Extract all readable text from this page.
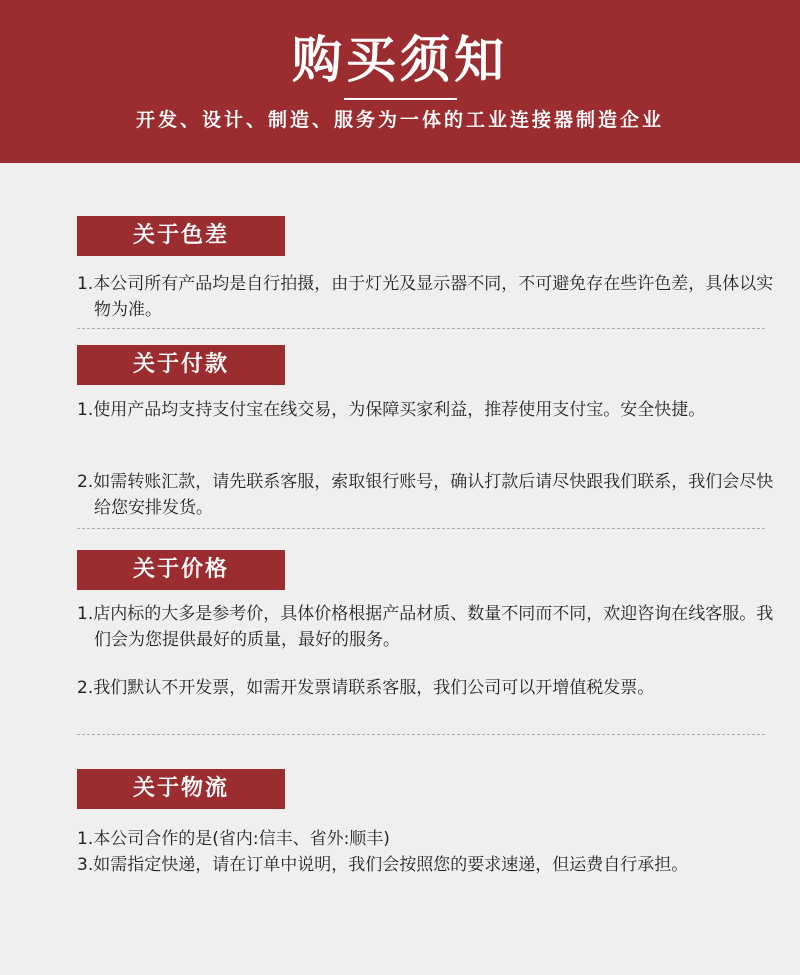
购买须知
开发、设计、制造、服务为一体的工业连接器制造企业
关于色差
1.本公司所有产品均是自行拍摄，由于灯光及显示器不同，不可避免存在些许色差，具体以实物为准。
关于付款
1.使用产品均支持支付宝在线交易，为保障买家利益，推荐使用支付宝。安全快捷。
2.如需转账汇款，请先联系客服，索取银行账号，确认打款后请尽快跟我们联系，我们会尽快给您安排发货。
关于价格
1.店内标的大多是参考价，具体价格根据产品材质、数量不同而不同，欢迎咨询在线客服。我们会为您提供最好的质量，最好的服务。
2.我们默认不开发票，如需开发票请联系客服，我们公司可以开增值税发票。
关于物流
1.本公司合作的是(省内:信丰、省外:顺丰)
3.如需指定快递，请在订单中说明，我们会按照您的要求速递，但运费自行承担。
